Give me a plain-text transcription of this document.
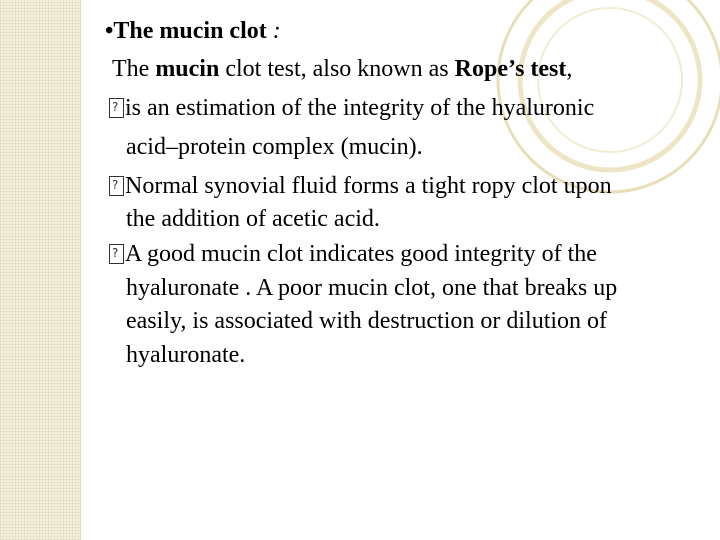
•The mucin clot :
The mucin clot test, also known as Rope’s test,
is an estimation of the integrity of the hyaluronic
acid–protein complex (mucin).
Normal synovial fluid forms a tight ropy clot upon
the addition of acetic acid.
A good mucin clot indicates good integrity of the
hyaluronate . A poor mucin clot, one that breaks up
easily, is associated with destruction or dilution of
hyaluronate.
